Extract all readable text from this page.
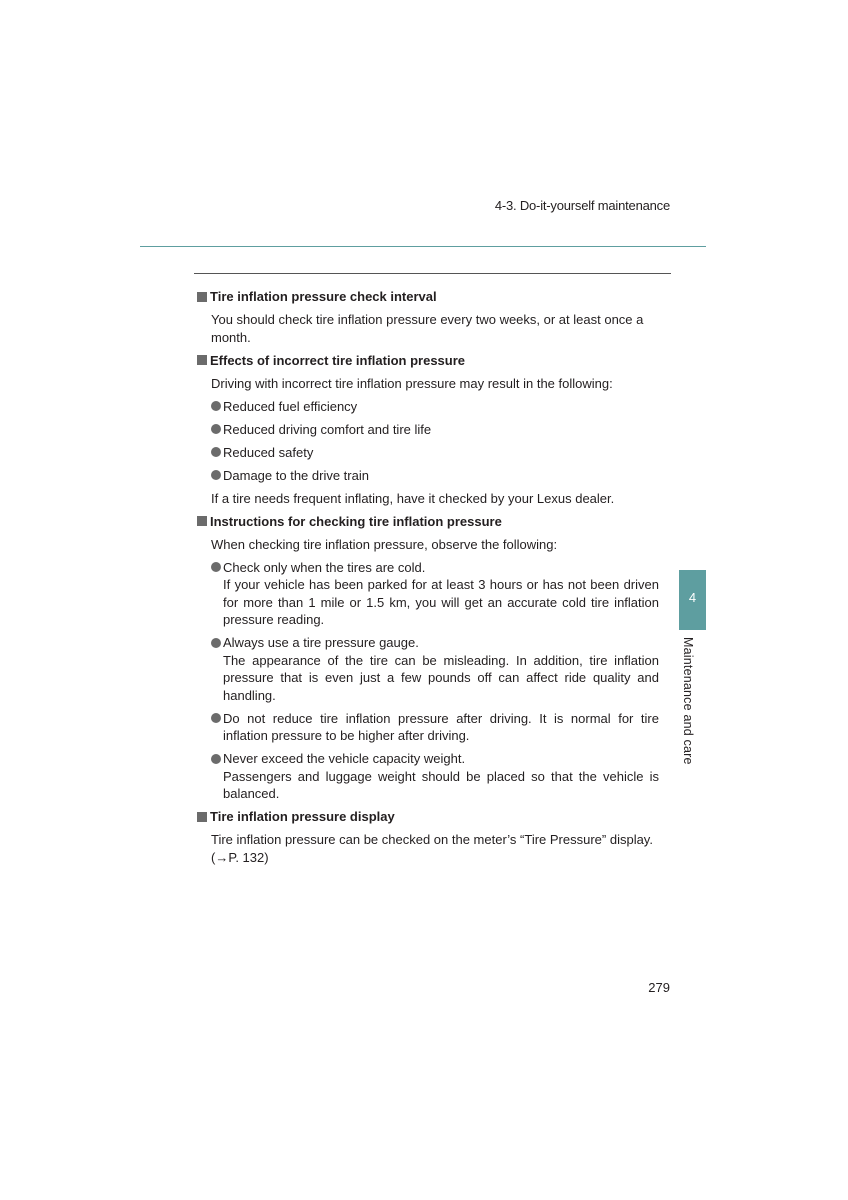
4-3. Do-it-yourself maintenance
Tire inflation pressure check interval
You should check tire inflation pressure every two weeks, or at least once a month.
Effects of incorrect tire inflation pressure
Driving with incorrect tire inflation pressure may result in the following:
Reduced fuel efficiency
Reduced driving comfort and tire life
Reduced safety
Damage to the drive train
If a tire needs frequent inflating, have it checked by your Lexus dealer.
Instructions for checking tire inflation pressure
When checking tire inflation pressure, observe the following:
Check only when the tires are cold.
If your vehicle has been parked for at least 3 hours or has not been driven for more than 1 mile or 1.5 km, you will get an accurate cold tire inflation pressure reading.
Always use a tire pressure gauge.
The appearance of the tire can be misleading. In addition, tire inflation pressure that is even just a few pounds off can affect ride quality and handling.
Do not reduce tire inflation pressure after driving. It is normal for tire inflation pressure to be higher after driving.
Never exceed the vehicle capacity weight.
Passengers and luggage weight should be placed so that the vehicle is balanced.
Tire inflation pressure display
Tire inflation pressure can be checked on the meter’s “Tire Pressure” display.
(→P. 132)
4
Maintenance and care
279
